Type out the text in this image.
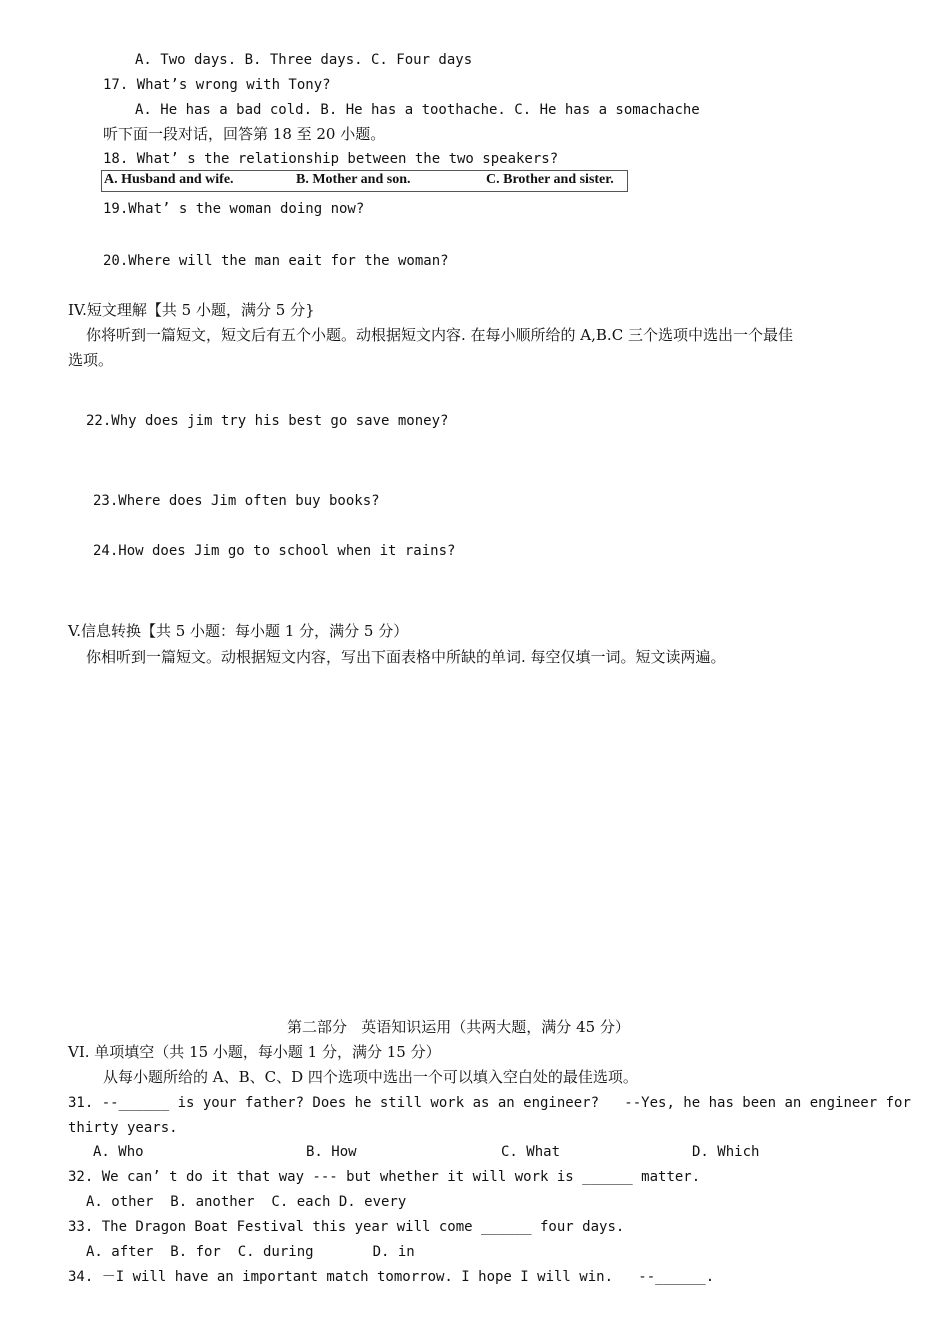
A. Two days. B. Three days. C. Four days
17. What’s wrong with Tony?
A. He has a bad cold. B. He has a toothache. C. He has a somachache
听下面一段对话，回答第 18 至 20 小题。
18. What’ s the relationship between the two speakers?
A. Husband and wife.	B. Mother and son.	C. Brother and sister.
19.What’ s the woman doing now?
20.Where will the man eait for the woman?
IV.短文理解【共 5 小题，满分 5 分}
你将听到一篇短文，短文后有五个小题。动根据短文内容. 在每小顺所给的 A,B.C 三个选项中选出一个最佳
选项。
22.Why does jim try his best go save money?
23.Where does Jim often buy books?
24.How does Jim go to school when it rains?
V.信息转换【共 5 小题：每小题 1 分，满分 5 分）
你相听到一篇短文。动根据短文内容，写出下面表格中所缺的单词. 每空仅填一词。短文读两遍。
第二部分   英语知识运用（共两大题，满分 45 分）
VI. 单项填空（共 15 小题，每小题 1 分，满分 15 分）
从每小题所给的 A、B、C、D 四个选项中选出一个可以填入空白处的最佳选项。
31. --______ is your father? Does he still work as an engineer?   --Yes, he has been an engineer for
thirty years.
A. Who	B. How	C. What	D. Which
32. We can’ t do it that way --- but whether it will work is ______ matter.
A. other  B. another  C. each D. every
33. The Dragon Boat Festival this year will come ______ four days.
A. after  B. for  C. during       D. in
34. －I will have an important match tomorrow. I hope I will win.   --______.
